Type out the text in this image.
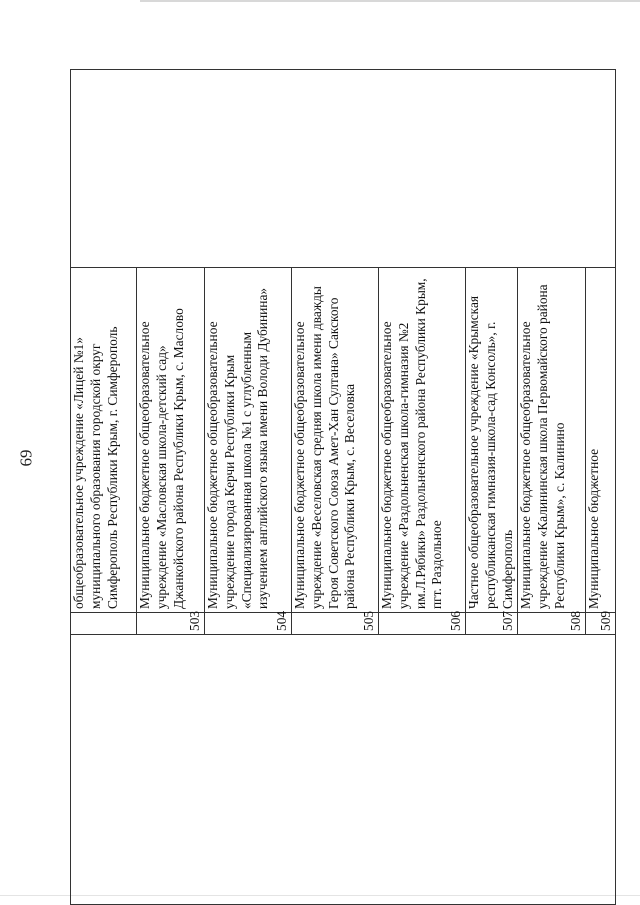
69
			общеобразовательное учреждение «Лицей №1» муниципального образования городской округ Симферополь Республики Крым, г. Симферополь	
	503	Муниципальное бюджетное общеобразовательное учреждение «Масловская школа-детский сад» Джанкойского района Республики Крым, с. Маслово	
	504	Муниципальное бюджетное общеобразовательное учреждение города Керчи Республики Крым «Специализированная школа №1 с углубленным изучением английского языка имени Володи Дубинина»	
	505	Муниципальное бюджетное общеобразовательное учреждение «Веселовская средняя школа имени дважды Героя Советского Союза Амет-Хан Султана» Сакского района Республики Крым, с. Веселовка	
	506	Муниципальное бюджетное общеобразовательное учреждение «Раздольненская школа-гимназия №2 им.Л.Рябики» Раздольненского района Республики Крым, пгт. Раздольное	
	507	Частное общеобразовательное учреждение «Крымская республиканская гимназия-школа-сад Консоль», г. Симферополь	
	508	Муниципальное бюджетное общеобразовательное учреждение «Калининская школа Первомайского района Республики Крым», с. Калинино	
	509	Муниципальное бюджетное	
